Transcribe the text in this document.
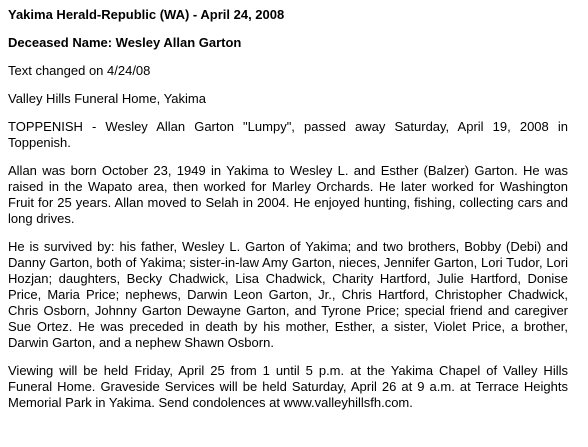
Yakima Herald-Republic (WA) - April 24, 2008
Deceased Name: Wesley Allan Garton
Text changed on 4/24/08
Valley Hills Funeral Home, Yakima
TOPPENISH - Wesley Allan Garton "Lumpy", passed away Saturday, April 19, 2008 in Toppenish.
Allan was born October 23, 1949 in Yakima to Wesley L. and Esther (Balzer) Garton. He was raised in the Wapato area, then worked for Marley Orchards. He later worked for Washington Fruit for 25 years. Allan moved to Selah in 2004. He enjoyed hunting, fishing, collecting cars and long drives.
He is survived by: his father, Wesley L. Garton of Yakima; and two brothers, Bobby (Debi) and Danny Garton, both of Yakima; sister-in-law Amy Garton, nieces, Jennifer Garton, Lori Tudor, Lori Hozjan; daughters, Becky Chadwick, Lisa Chadwick, Charity Hartford, Julie Hartford, Donise Price, Maria Price; nephews, Darwin Leon Garton, Jr., Chris Hartford, Christopher Chadwick, Chris Osborn, Johnny Garton Dewayne Garton, and Tyrone Price; special friend and caregiver Sue Ortez. He was preceded in death by his mother, Esther, a sister, Violet Price, a brother, Darwin Garton, and a nephew Shawn Osborn.
Viewing will be held Friday, April 25 from 1 until 5 p.m. at the Yakima Chapel of Valley Hills Funeral Home. Graveside Services will be held Saturday, April 26 at 9 a.m. at Terrace Heights Memorial Park in Yakima. Send condolences at www.valleyhillsfh.com.
